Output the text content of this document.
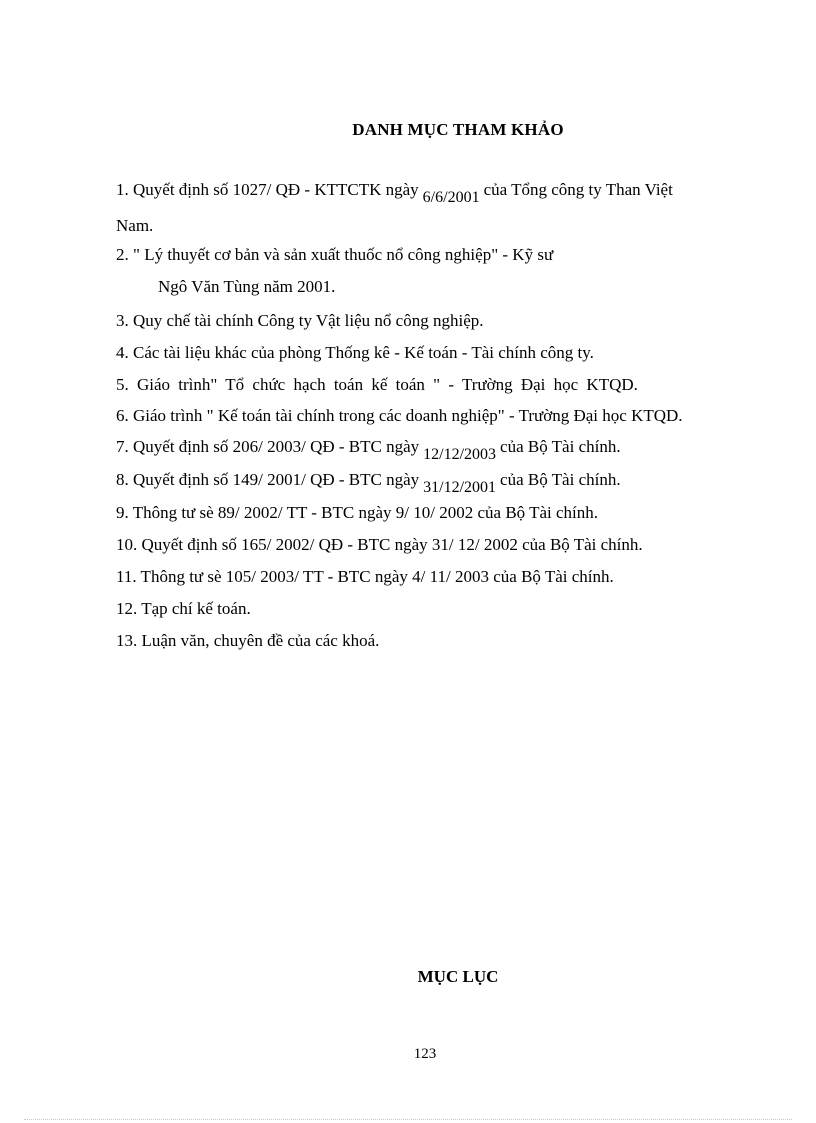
DANH MỤC THAM KHẢO
1. Quyết định số 1027/ QĐ - KTTCTK ngày 6/6/2001 của Tổng công ty Than Việt
Nam.
2. " Lý thuyết cơ bản và sản xuất thuốc nổ công nghiệp" - Kỹ sư
Ngô Văn Tùng năm 2001.
3. Quy chế tài chính Công ty Vật liệu nổ công nghiệp.
4. Các tài liệu khác của phòng Thống kê - Kế toán - Tài chính công ty.
5. Giáo trình" Tổ chức hạch toán kế toán " - Trường Đại học KTQD.
6. Giáo trình " Kế toán tài chính trong các doanh nghiệp" - Trường Đại học KTQD.
7. Quyết định số 206/ 2003/ QĐ - BTC ngày 12/12/2003 của Bộ Tài chính.
8. Quyết định số 149/ 2001/ QĐ - BTC ngày 31/12/2001 của Bộ Tài chính.
9. Thông tư sè 89/ 2002/ TT - BTC ngày 9/ 10/ 2002 của Bộ Tài chính.
10. Quyết định số 165/ 2002/ QĐ - BTC ngày 31/ 12/ 2002 của Bộ Tài chính.
11. Thông tư sè 105/ 2003/ TT - BTC ngày 4/ 11/ 2003 của Bộ Tài chính.
12. Tạp chí kế toán.
13. Luận văn, chuyên đề của các khoá.
MỤC LỤC
123
